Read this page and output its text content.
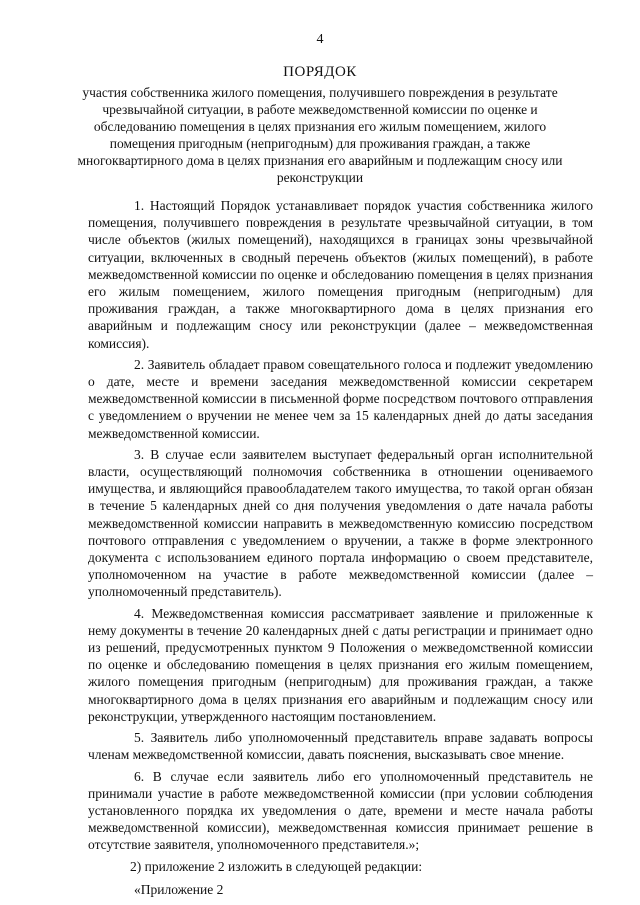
4
ПОРЯДОК
участия собственника жилого помещения, получившего повреждения в результате чрезвычайной ситуации, в работе межведомственной комиссии по оценке и обследованию помещения в целях признания его жилым помещением, жилого помещения пригодным (непригодным) для проживания граждан, а также многоквартирного дома в целях признания его аварийным и подлежащим сносу или реконструкции

1. Настоящий Порядок устанавливает порядок участия собственника жилого помещения, получившего повреждения в результате чрезвычайной ситуации, в том числе объектов (жилых помещений), находящихся в границах зоны чрезвычайной ситуации, включенных в сводный перечень объектов (жилых помещений), в работе межведомственной комиссии по оценке и обследованию помещения в целях признания его жилым помещением, жилого помещения пригодным (непригодным) для проживания граждан, а также многоквартирного дома в целях признания его аварийным и подлежащим сносу или реконструкции (далее – межведомственная комиссия).

2. Заявитель обладает правом совещательного голоса и подлежит уведомлению о дате, месте и времени заседания межведомственной комиссии секретарем межведомственной комиссии в письменной форме посредством почтового отправления с уведомлением о вручении не менее чем за 15 календарных дней до даты заседания межведомственной комиссии.

3. В случае если заявителем выступает федеральный орган исполнительной власти, осуществляющий полномочия собственника в отношении оцениваемого имущества, и являющийся правообладателем такого имущества, то такой орган обязан в течение 5 календарных дней со дня получения уведомления о дате начала работы межведомственной комиссии направить в межведомственную комиссию посредством почтового отправления с уведомлением о вручении, а также в форме электронного документа с использованием единого портала информацию о своем представителе, уполномоченном на участие в работе межведомственной комиссии (далее – уполномоченный представитель).

4. Межведомственная комиссия рассматривает заявление и приложенные к нему документы в течение 20 календарных дней с даты регистрации и принимает одно из решений, предусмотренных пунктом 9 Положения о межведомственной комиссии по оценке и обследованию помещения в целях признания его жилым помещением, жилого помещения пригодным (непригодным) для проживания граждан, а также многоквартирного дома в целях признания его аварийным и подлежащим сносу или реконструкции, утвержденного настоящим постановлением.

5. Заявитель либо уполномоченный представитель вправе задавать вопросы членам межведомственной комиссии, давать пояснения, высказывать свое мнение.

6. В случае если заявитель либо его уполномоченный представитель не принимали участие в работе межведомственной комиссии (при условии соблюдения установленного порядка их уведомления о дате, времени и месте начала работы межведомственной комиссии), межведомственная комиссия принимает решение в отсутствие заявителя, уполномоченного представителя.»;

2) приложение 2 изложить в следующей редакции:

«Приложение 2
